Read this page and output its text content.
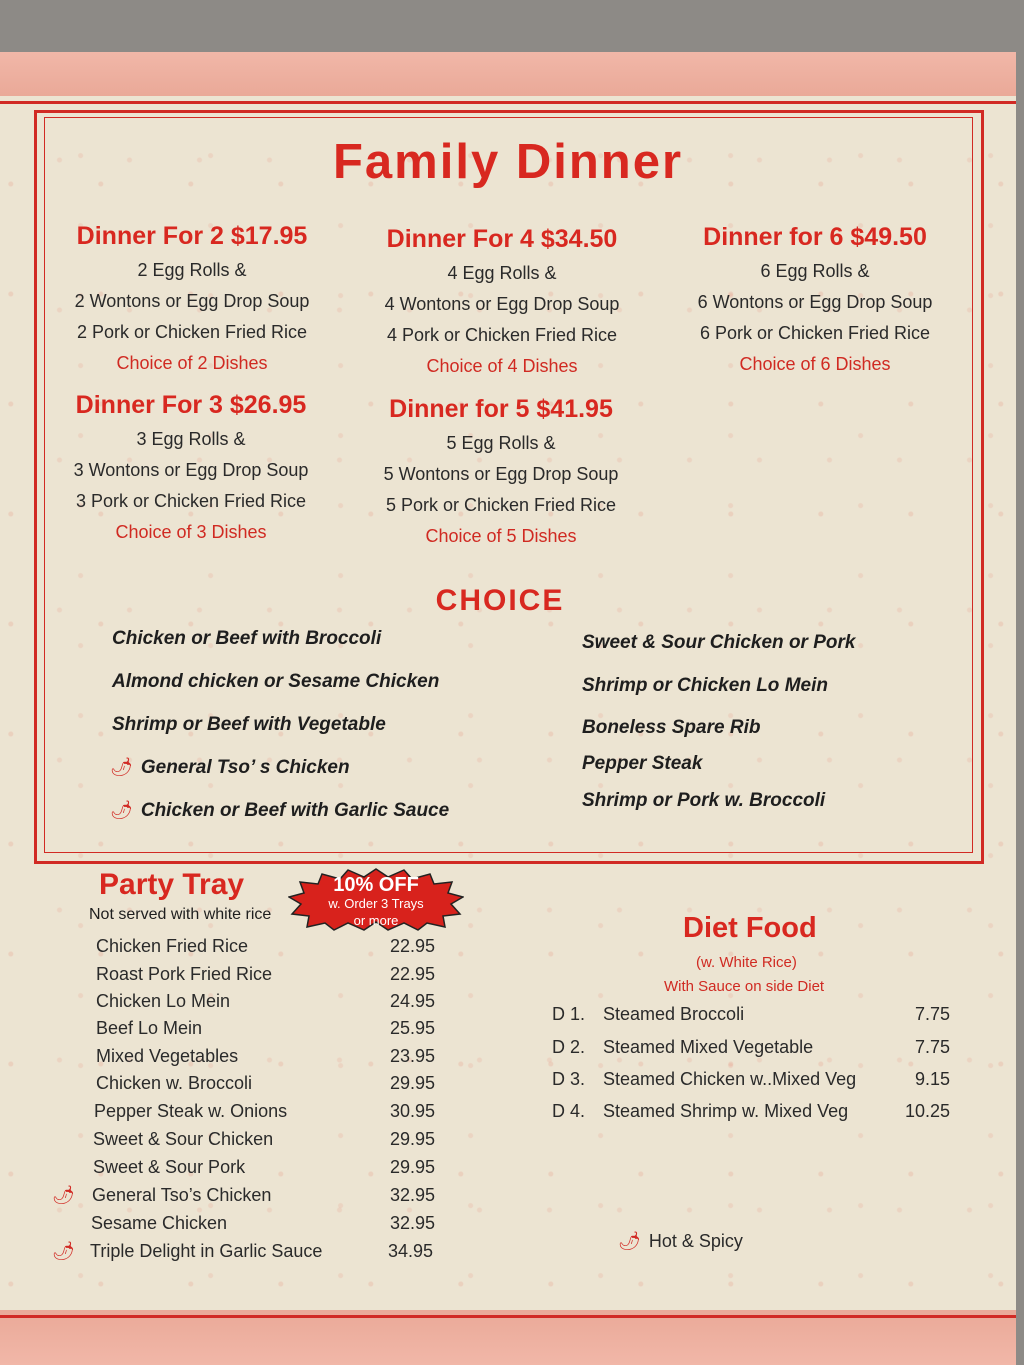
Family Dinner
Dinner For 2 $17.95
2 Egg Rolls &
2 Wontons or Egg Drop Soup
2 Pork or Chicken Fried Rice
Choice of 2 Dishes
Dinner For 4 $34.50
4 Egg Rolls &
4 Wontons or Egg Drop Soup
4 Pork or Chicken Fried Rice
Choice of 4 Dishes
Dinner for 6 $49.50
6 Egg Rolls &
6 Wontons or Egg Drop Soup
6 Pork or Chicken Fried Rice
Choice of 6 Dishes
Dinner For 3 $26.95
3 Egg Rolls &
3 Wontons or Egg Drop Soup
3 Pork or Chicken Fried Rice
Choice of 3 Dishes
Dinner for 5 $41.95
5 Egg Rolls &
5 Wontons or Egg Drop Soup
5 Pork or Chicken Fried Rice
Choice of 5 Dishes
CHOICE
Chicken or Beef with Broccoli
Almond chicken or Sesame Chicken
Shrimp or Beef with Vegetable
🌶︎ General Tso’ s Chicken
🌶︎ Chicken or Beef with Garlic Sauce
Sweet & Sour Chicken or Pork
Shrimp or Chicken Lo Mein
Boneless Spare Rib
Pepper Steak
Shrimp or Pork w. Broccoli
Party Tray
Not served with white rice
10% OFF
w. Order 3 Trays
or more
Chicken Fried Rice	22.95
Roast Pork Fried Rice	22.95
Chicken Lo Mein	24.95
Beef Lo Mein	25.95
Mixed Vegetables	23.95
Chicken w. Broccoli	29.95
Pepper Steak w. Onions	30.95
Sweet & Sour Chicken	29.95
Sweet & Sour Pork	29.95
🌶︎ General Tso’s Chicken	32.95
Sesame Chicken	32.95
🌶︎ Triple Delight in Garlic Sauce	34.95
Diet Food
(w. White Rice)
With Sauce on side Diet
D 1. Steamed Broccoli	7.75
D 2. Steamed Mixed Vegetable	7.75
D 3. Steamed Chicken w..Mixed Veg	9.15
D 4. Steamed Shrimp w. Mixed Veg	10.25
🌶︎ Hot & Spicy
